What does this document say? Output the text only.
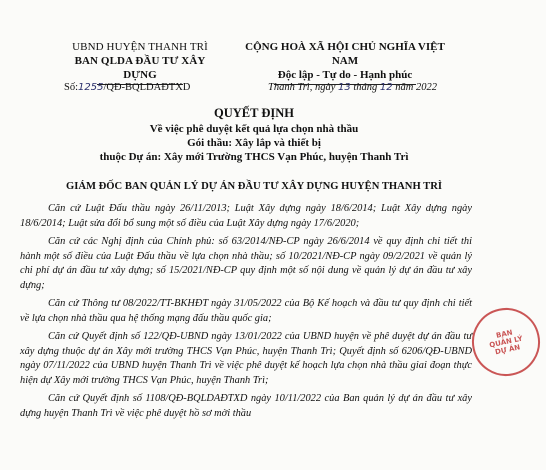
UBND HUYỆN THANH TRÌ
BAN QLDA ĐẦU TƯ XÂY DỰNG
CỘNG HOÀ XÃ HỘI CHỦ NGHĨA VIỆT NAM
Độc lập - Tự do - Hạnh phúc
Số:1255/QĐ-BQLDAĐTXD	Thanh Trì, ngày 13 tháng 12 năm 2022
QUYẾT ĐỊNH
Về việc phê duyệt kết quả lựa chọn nhà thầu
Gói thầu: Xây lắp và thiết bị
thuộc Dự án: Xây mới Trường THCS Vạn Phúc, huyện Thanh Trì
GIÁM ĐỐC BAN QUẢN LÝ DỰ ÁN ĐẦU TƯ XÂY DỰNG HUYỆN THANH TRÌ

Căn cứ Luật Đấu thầu ngày 26/11/2013; Luật Xây dựng ngày 18/6/2014; Luật Xây dựng ngày 18/6/2014; Luật sửa đổi bổ sung một số điều của Luật Xây dựng ngày 17/6/2020;

Căn cứ các Nghị định của Chính phủ: số 63/2014/NĐ-CP ngày 26/6/2014 về quy định chi tiết thi hành một số điều của Luật Đấu thầu về lựa chọn nhà thầu; số 10/2021/NĐ-CP ngày 09/2/2021 về quản lý chi phí dự án đầu tư xây dựng; số 15/2021/NĐ-CP quy định một số nội dung về quản lý dự án đầu tư xây dựng;

Căn cứ Thông tư 08/2022/TT-BKHĐT ngày 31/05/2022 của Bộ Kế hoạch và đầu tư quy định chi tiết về lựa chọn nhà thầu qua hệ thống mạng đấu thầu quốc gia;

Căn cứ Quyết định số 122/QĐ-UBND ngày 13/01/2022 của UBND huyện về phê duyệt dự án đầu tư xây dựng thuộc dự án Xây mới trường THCS Vạn Phúc, huyện Thanh Trì; Quyết định số 6206/QĐ-UBND ngày 07/11/2022 của UBND huyện Thanh Trì về việc phê duyệt kế hoạch lựa chọn nhà thầu giai đoạn thực hiện dự Xây mới trường THCS Vạn Phúc, huyện Thanh Trì;

Căn cứ Quyết định số 1108/QĐ-BQLDAĐTXD ngày 10/11/2022 của Ban quản lý dự án đầu tư xây dựng huyện Thanh Trì về việc phê duyệt hồ sơ mời thầu

BAN QUẢN LÝ DỰ ÁN
